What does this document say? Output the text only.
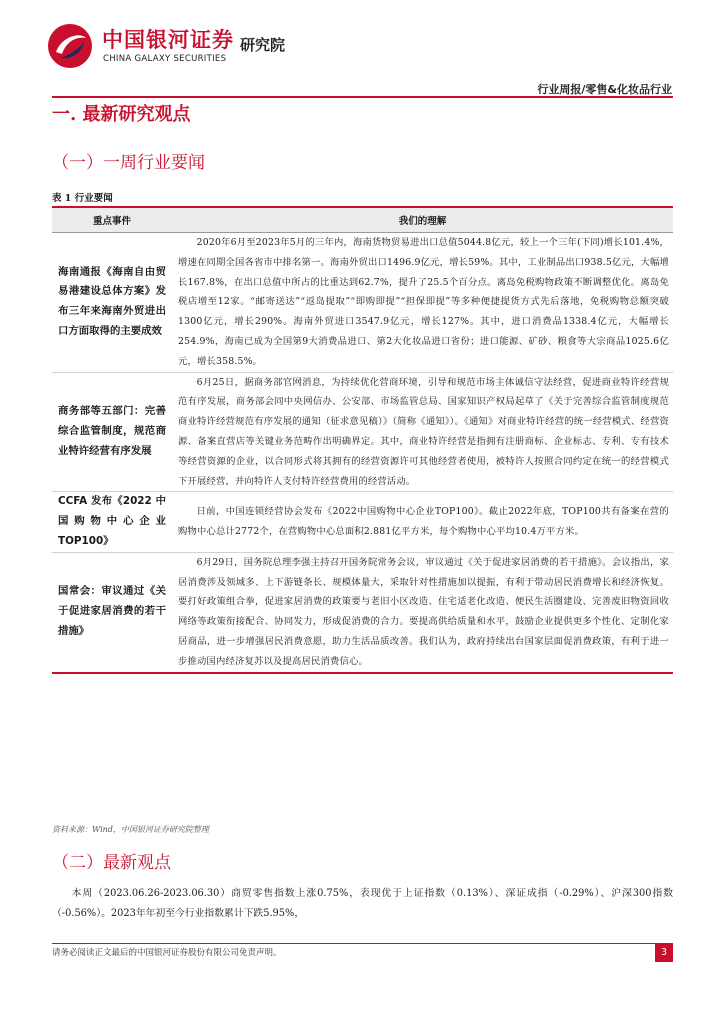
中国银河证券 研究院
CHINA GALAXY SECURITIES
行业周报/零售&化妆品行业
一. 最新研究观点
（一）一周行业要闻
表 1 行业要闻
重点事件	我们的理解
海南通报《海南自由贸易港建设总体方案》发布三年来海南外贸进出口方面取得的主要成效	2020年6月至2023年5月的三年内，海南货物贸易进出口总值5044.8亿元，较上一个三年(下同)增长101.4%，增速在同期全国各省市中排名第一。海南外贸出口1496.9亿元，增长59%。其中，工业制品出口938.5亿元，大幅增长167.8%，在出口总值中所占的比重达到62.7%，提升了25.5个百分点。离岛免税购物政策不断调整优化。离岛免税店增至12家。“邮寄送达”“返岛提取”“即购即提”“担保即提”等多种便捷提货方式先后落地，免税购物总额突破1300亿元，增长290%。海南外贸进口3547.9亿元，增长127%。其中，进口消费品1338.4亿元，大幅增长254.9%，海南已成为全国第9大消费品进口、第2大化妆品进口省份；进口能源、矿砂、粮食等大宗商品1025.6亿元，增长358.5%。
商务部等五部门：完善综合监管制度，规范商业特许经营有序发展	6月25日，据商务部官网消息，为持续优化营商环境，引导和规范市场主体诚信守法经营，促进商业特许经营规范有序发展，商务部会同中央网信办、公安部、市场监管总局、国家知识产权局起草了《关于完善综合监管制度规范商业特许经营规范有序发展的通知（征求意见稿）》（简称《通知》）。《通知》对商业特许经营的统一经营模式、经营资源、备案直营店等关键业务范畴作出明确界定。其中，商业特许经营是指拥有注册商标、企业标志、专利、专有技术等经营资源的企业，以合同形式将其拥有的经营资源许可其他经营者使用，被特许人按照合同约定在统一的经营模式下开展经营，并向特许人支付特许经营费用的经营活动。
CCFA 发布《2022 中国购物中心企业 TOP100》	日前，中国连锁经营协会发布《2022中国购物中心企业TOP100》。截止2022年底，TOP100共有备案在营的购物中心总计2772个，在营购物中心总面积2.881亿平方米，每个购物中心平均10.4万平方米。
国常会：审议通过《关于促进家居消费的若干措施》	6月29日，国务院总理李强主持召开国务院常务会议，审议通过《关于促进家居消费的若干措施》。会议指出，家居消费涉及领域多、上下游链条长、规模体量大，采取针对性措施加以提振，有利于带动居民消费增长和经济恢复。要打好政策组合拳，促进家居消费的政策要与老旧小区改造、住宅适老化改造、便民生活圈建设、完善废旧物资回收网络等政策衔接配合、协同发力，形成促消费的合力。要提高供给质量和水平，鼓励企业提供更多个性化、定制化家居商品，进一步增强居民消费意愿，助力生活品质改善。我们认为，政府持续出台国家层面促消费政策，有利于进一步推动国内经济复苏以及提高居民消费信心。
资料来源：Wind，中国银河证券研究院整理
（二）最新观点
本周（2023.06.26-2023.06.30）商贸零售指数上涨0.75%，表现优于上证指数（0.13%）、深证成指（-0.29%）、沪深300指数（-0.56%）。2023年年初至今行业指数累计下跌5.95%，
请务必阅读正文最后的中国银河证券股份有限公司免责声明。	3
